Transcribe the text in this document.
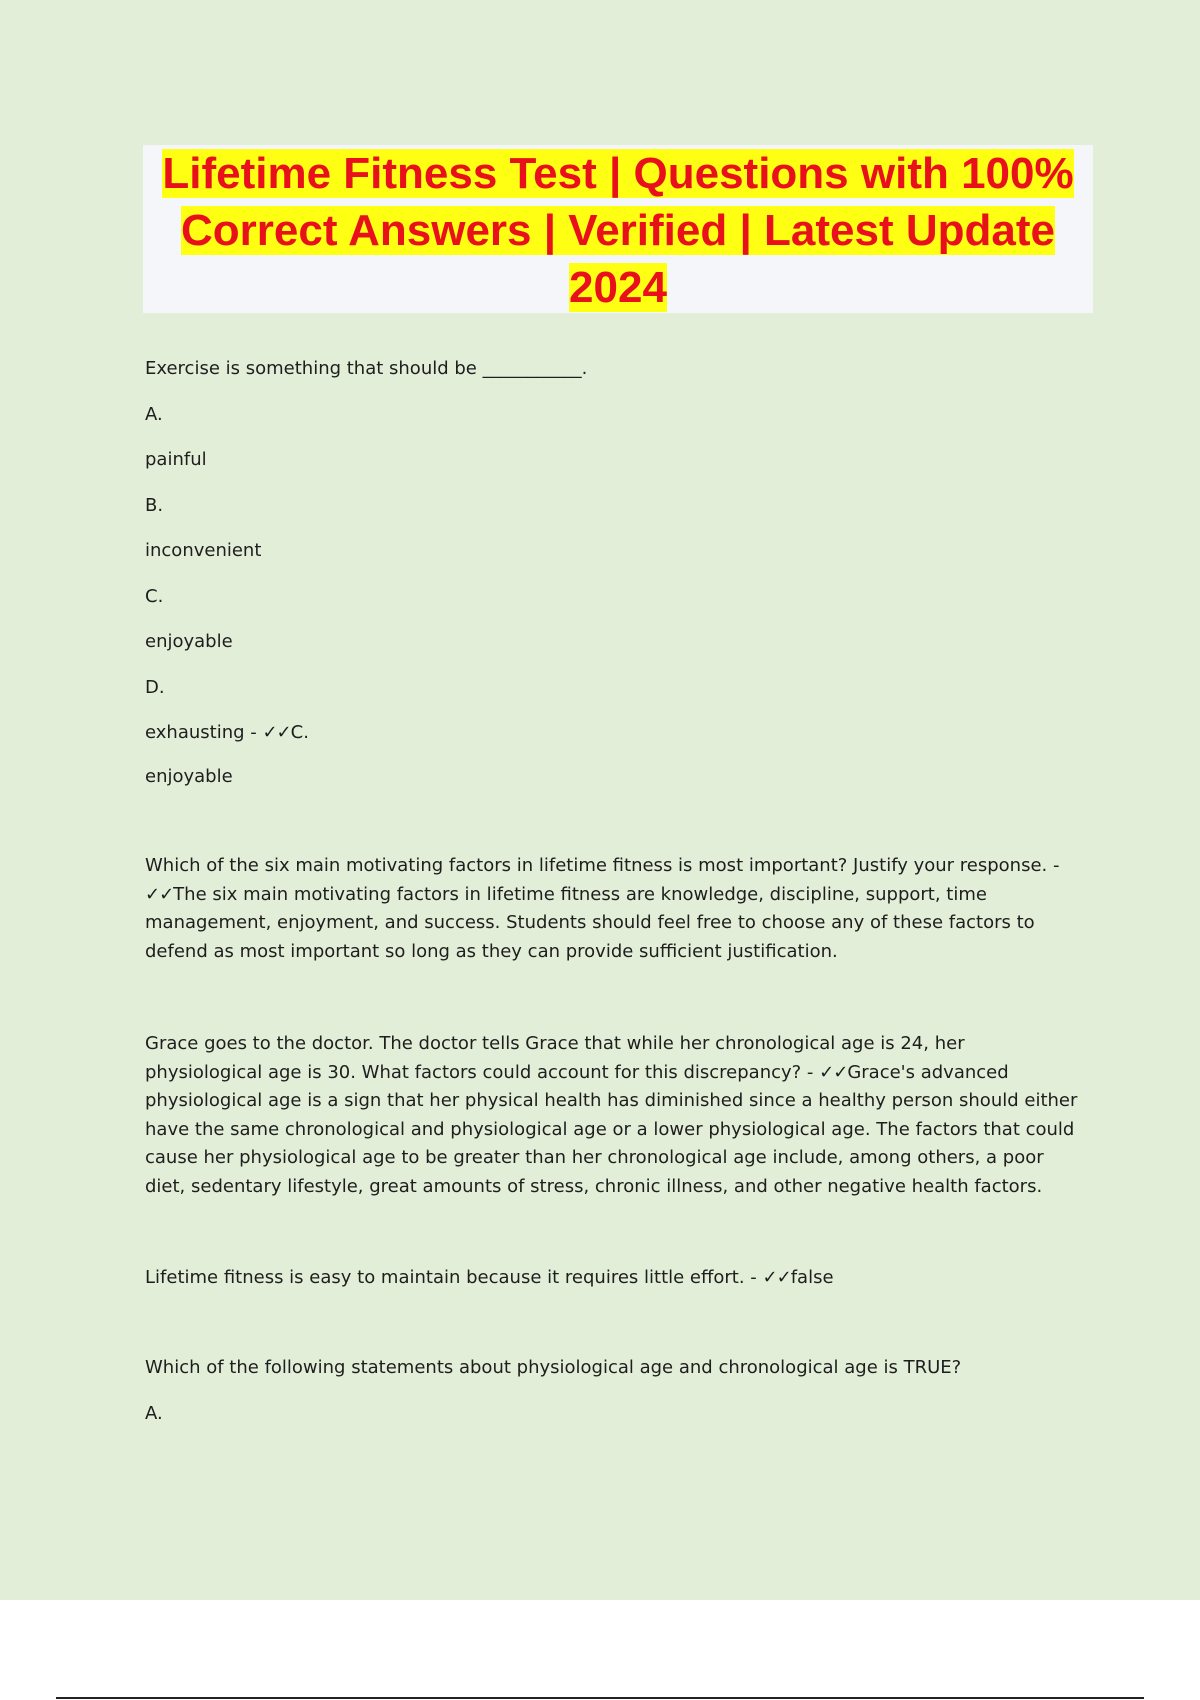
Lifetime Fitness Test | Questions with 100% Correct Answers | Verified | Latest Update 2024

Exercise is something that should be ___________.

A.

painful

B.

inconvenient

C.

enjoyable

D.

exhausting - ✓✓C.

enjoyable

Which of the six main motivating factors in lifetime fitness is most important? Justify your response. - ✓✓The six main motivating factors in lifetime fitness are knowledge, discipline, support, time management, enjoyment, and success. Students should feel free to choose any of these factors to defend as most important so long as they can provide sufficient justification.

Grace goes to the doctor. The doctor tells Grace that while her chronological age is 24, her physiological age is 30. What factors could account for this discrepancy? - ✓✓Grace's advanced physiological age is a sign that her physical health has diminished since a healthy person should either have the same chronological and physiological age or a lower physiological age. The factors that could cause her physiological age to be greater than her chronological age include, among others, a poor diet, sedentary lifestyle, great amounts of stress, chronic illness, and other negative health factors.

Lifetime fitness is easy to maintain because it requires little effort. - ✓✓false

Which of the following statements about physiological age and chronological age is TRUE?

A.
